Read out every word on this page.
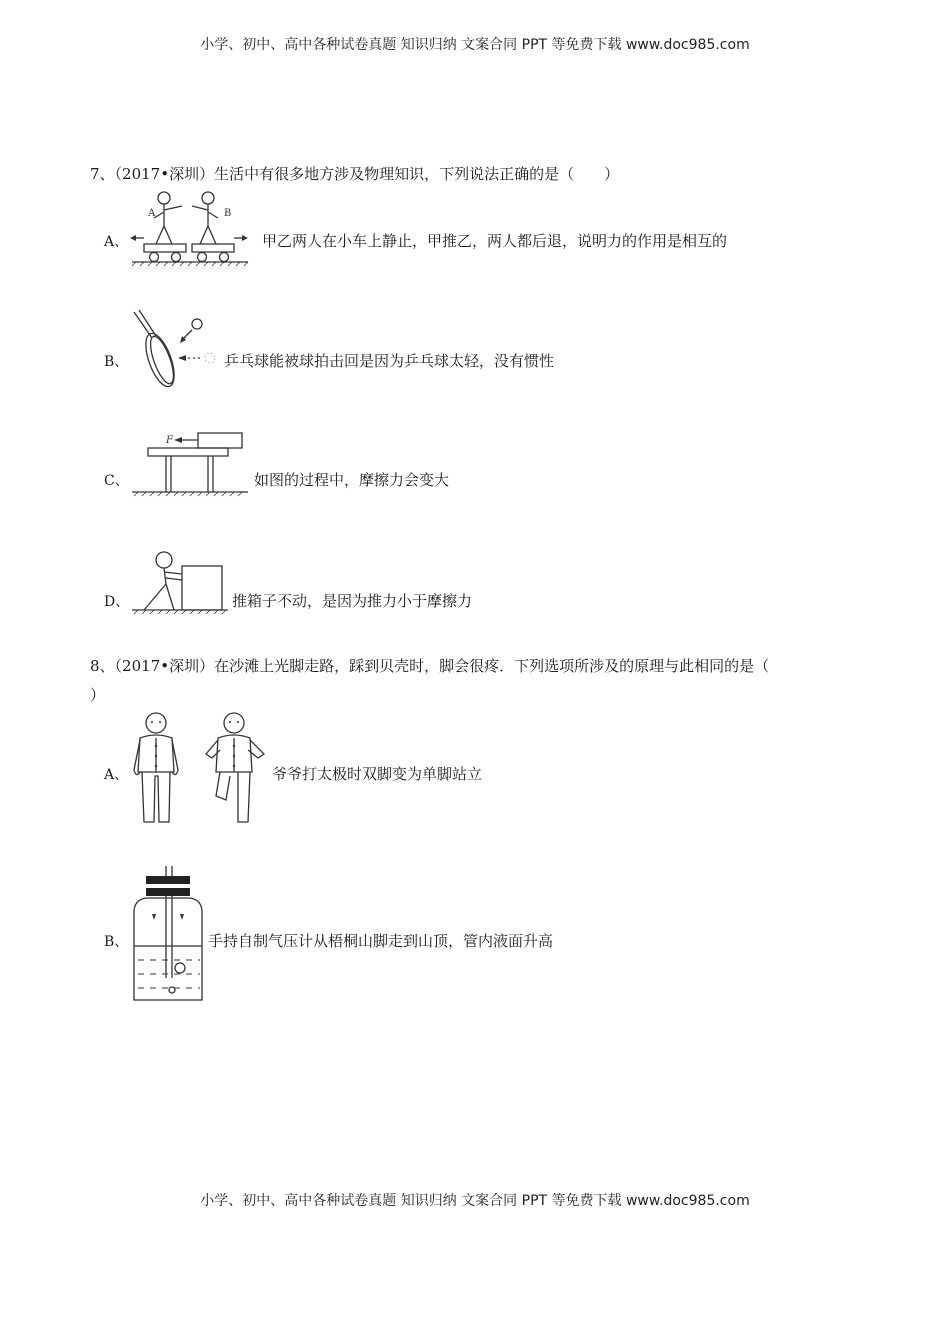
小学、初中、高中各种试卷真题 知识归纳 文案合同 PPT 等免费下载 www.doc985.com
7、（2017•深圳）生活中有很多地方涉及物理知识，下列说法正确的是（　　）
A、
A	B
甲乙两人在小车上静止，甲推乙，两人都后退，说明力的作用是相互的
B、	乒乓球能被球拍击回是因为乒乓球太轻，没有惯性
C、
F
如图的过程中，摩擦力会变大
D、	推箱子不动，是因为推力小于摩擦力
8、（2017•深圳）在沙滩上光脚走路，踩到贝壳时，脚会很疼．下列选项所涉及的原理与此相同的是（
）
A、	爷爷打太极时双脚变为单脚站立
B、	手持自制气压计从梧桐山脚走到山顶，管内液面升高
小学、初中、高中各种试卷真题 知识归纳 文案合同 PPT 等免费下载 www.doc985.com
